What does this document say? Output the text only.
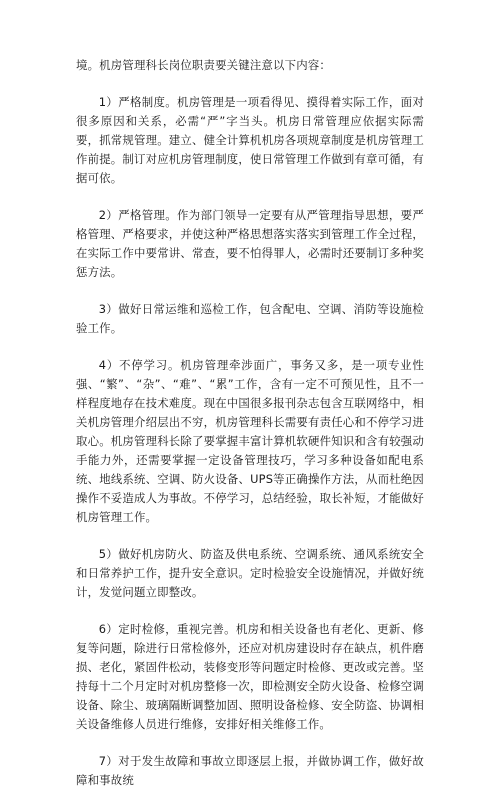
境。机房管理科长岗位职责要关键注意以下内容：

1）严格制度。机房管理是一项看得见、摸得着实际工作，面对很多原因和关系，必需“严”字当头。机房日常管理应依据实际需要，抓常规管理。建立、健全计算机机房各项规章制度是机房管理工作前提。制订对应机房管理制度，使日常管理工作做到有章可循，有据可依。

2）严格管理。作为部门领导一定要有从严管理指导思想，要严格管理、严格要求，并使这种严格思想落实落实到管理工作全过程，在实际工作中要常讲、常查，要不怕得罪人，必需时还要制订多种奖惩方法。

3）做好日常运维和巡检工作，包含配电、空调、消防等设施检验工作。

4）不停学习。机房管理牵涉面广，事务又多，是一项专业性强、“繁”、“杂”、“难”、“累”工作，含有一定不可预见性，且不一样程度地存在技术难度。现在中国很多报刊杂志包含互联网络中，相关机房管理介绍层出不穷，机房管理科长需要有责任心和不停学习进取心。机房管理科长除了要掌握丰富计算机软硬件知识和含有较强动手能力外，还需要掌握一定设备管理技巧，学习多种设备如配电系统、地线系统、空调、防火设备、UPS等正确操作方法，从而杜绝因操作不妥造成人为事故。不停学习，总结经验，取长补短，才能做好机房管理工作。

5）做好机房防火、防盗及供电系统、空调系统、通风系统安全和日常养护工作，提升安全意识。定时检验安全设施情况，并做好统计，发觉问题立即整改。

6）定时检修，重视完善。机房和相关设备也有老化、更新、修复等问题，除进行日常检修外，还应对机房建设时存在缺点，机件磨损、老化，紧固件松动，装修变形等问题定时检修、更改或完善。坚持每十二个月定时对机房整修一次，即检测安全防火设备、检修空调设备、除尘、玻璃隔断调整加固、照明设备检修、安全防盗、协调相关设备维修人员进行维修，安排好相关维修工作。

7）对于发生故障和事故立即逐层上报，并做协调工作，做好故障和事故统
